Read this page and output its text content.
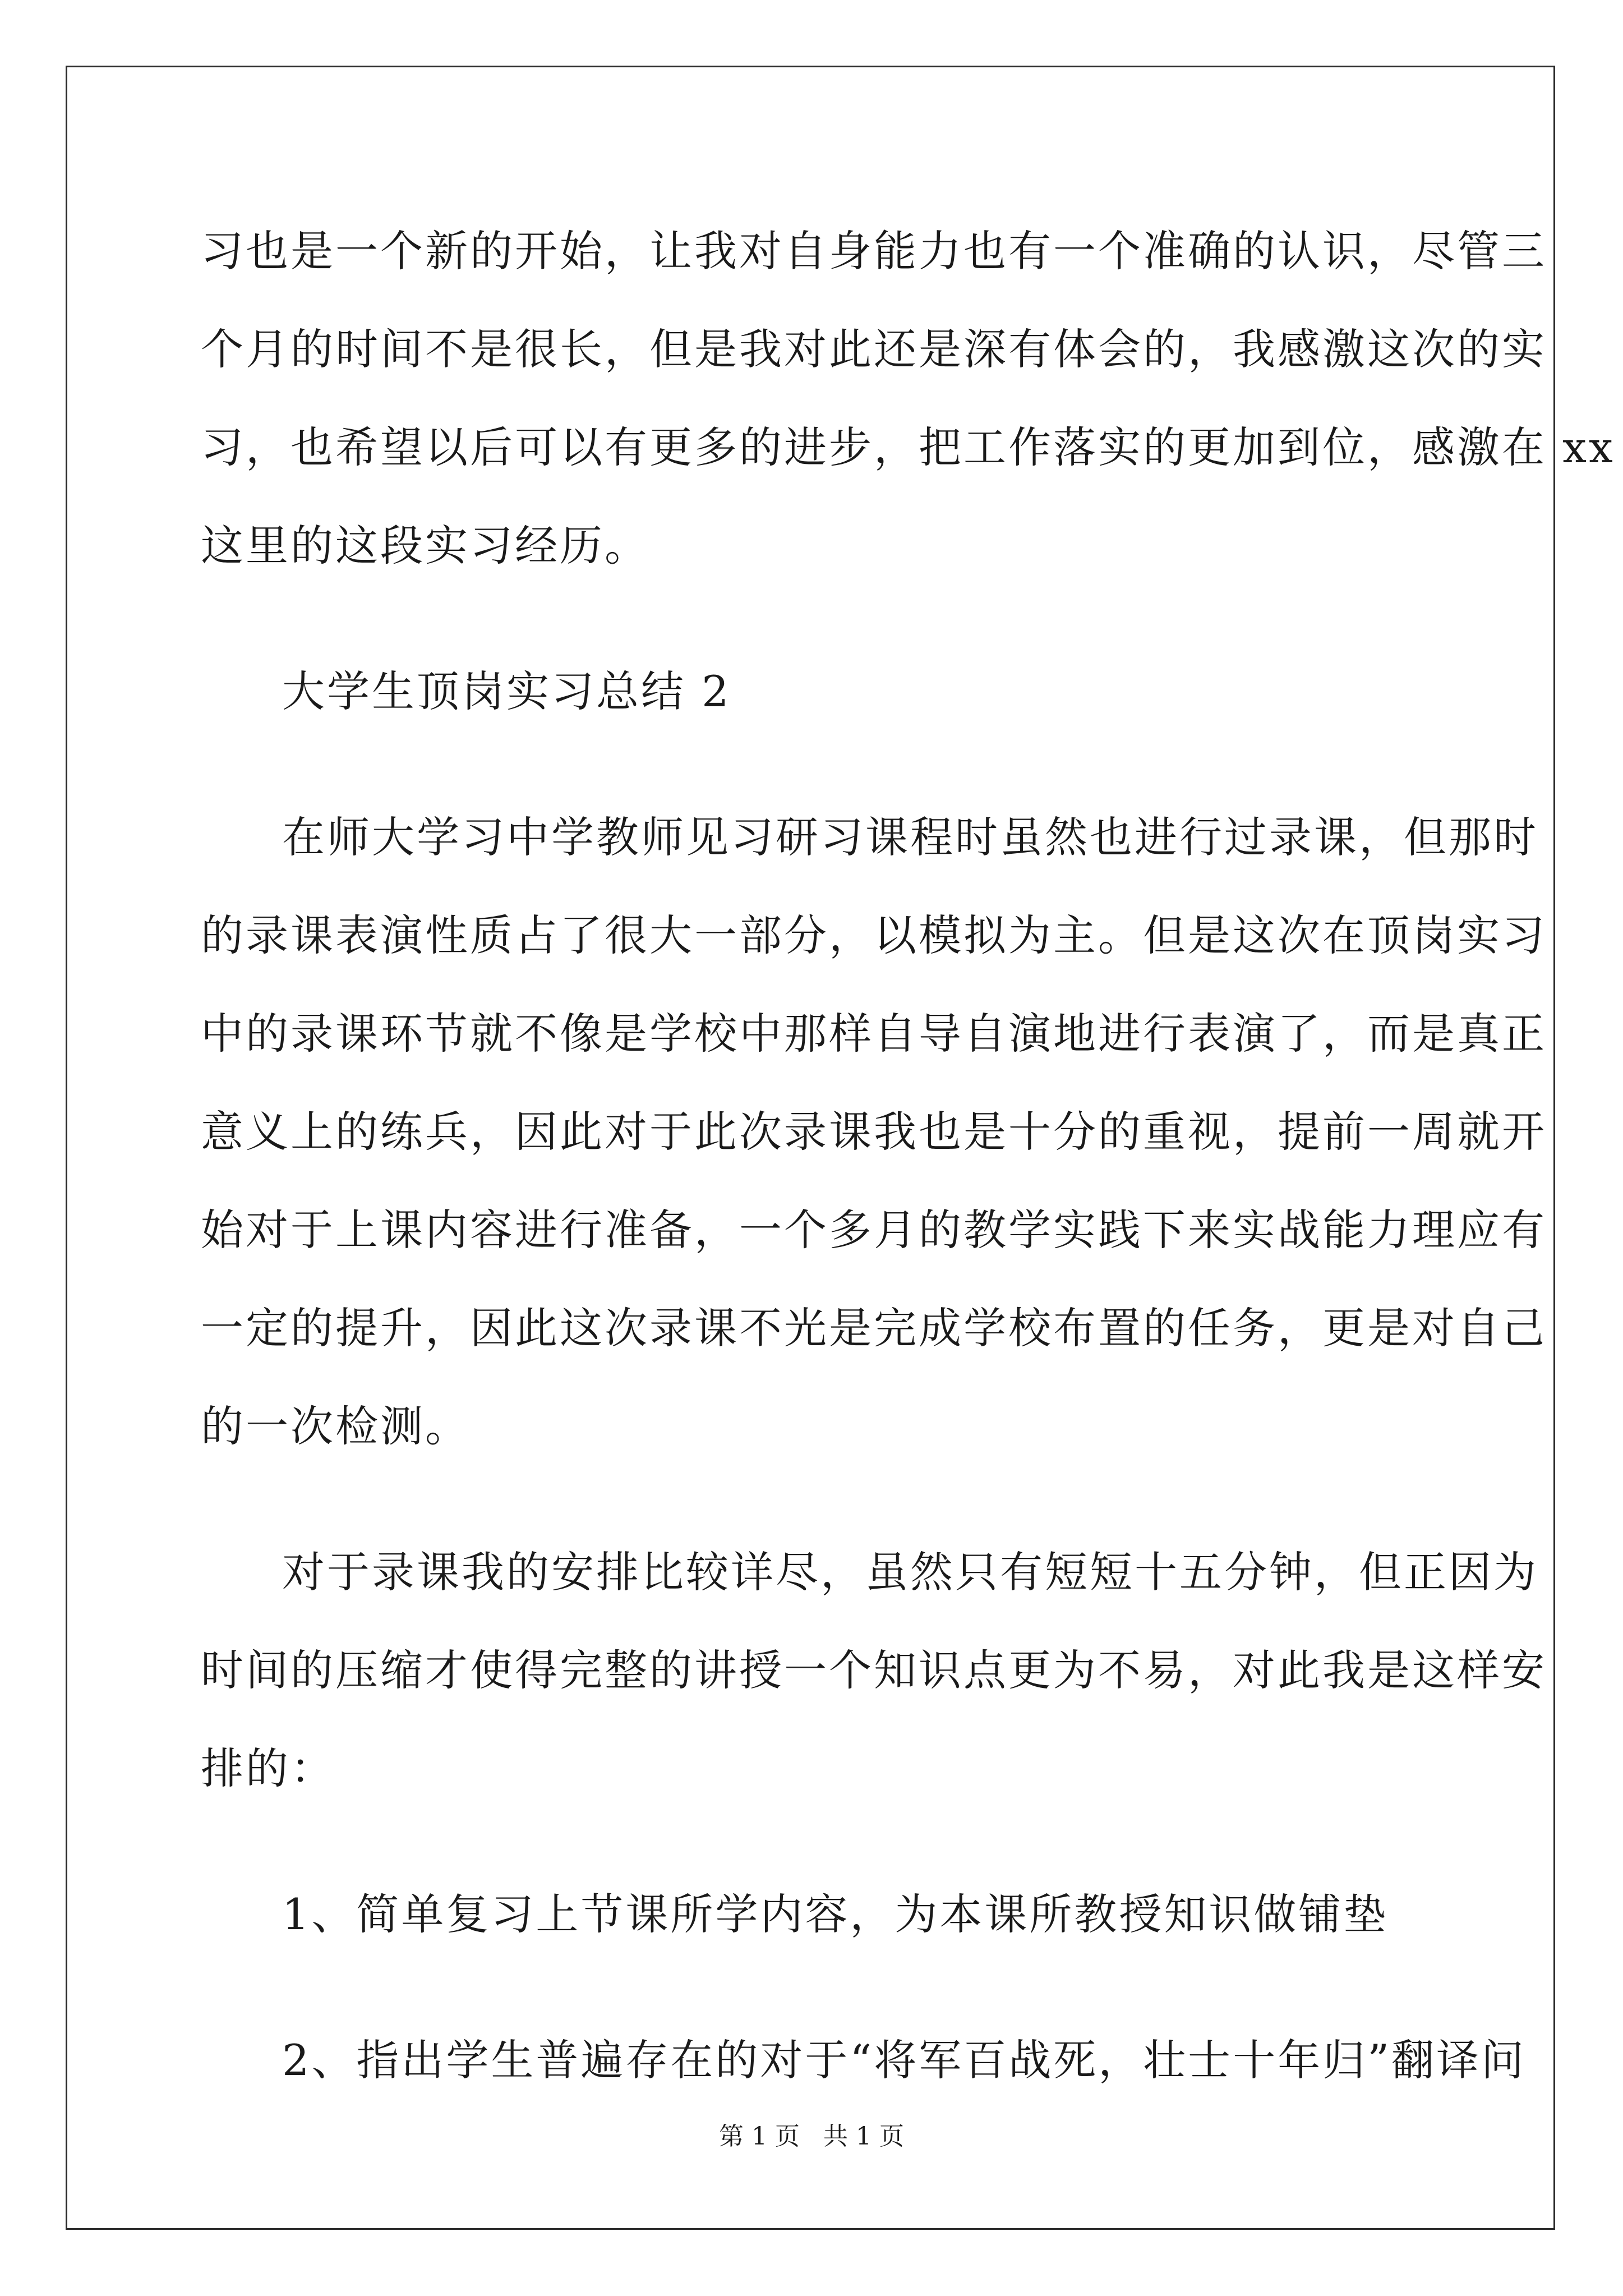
习也是一个新的开始，让我对自身能力也有一个准确的认识，尽管三
个月的时间不是很长，但是我对此还是深有体会的，我感激这次的实
习，也希望以后可以有更多的进步，把工作落实的更加到位，感激在 xx
这里的这段实习经历。
大学生顶岗实习总结 2
在师大学习中学教师见习研习课程时虽然也进行过录课，但那时
的录课表演性质占了很大一部分，以模拟为主。但是这次在顶岗实习
中的录课环节就不像是学校中那样自导自演地进行表演了，而是真正
意义上的练兵，因此对于此次录课我也是十分的重视，提前一周就开
始对于上课内容进行准备，一个多月的教学实践下来实战能力理应有
一定的提升，因此这次录课不光是完成学校布置的任务，更是对自己
的一次检测。
对于录课我的安排比较详尽，虽然只有短短十五分钟，但正因为
时间的压缩才使得完整的讲授一个知识点更为不易，对此我是这样安
排的：
1、简单复习上节课所学内容，为本课所教授知识做铺垫
2、指出学生普遍存在的对于“将军百战死，壮士十年归”翻译问
第 1 页   共 1 页
